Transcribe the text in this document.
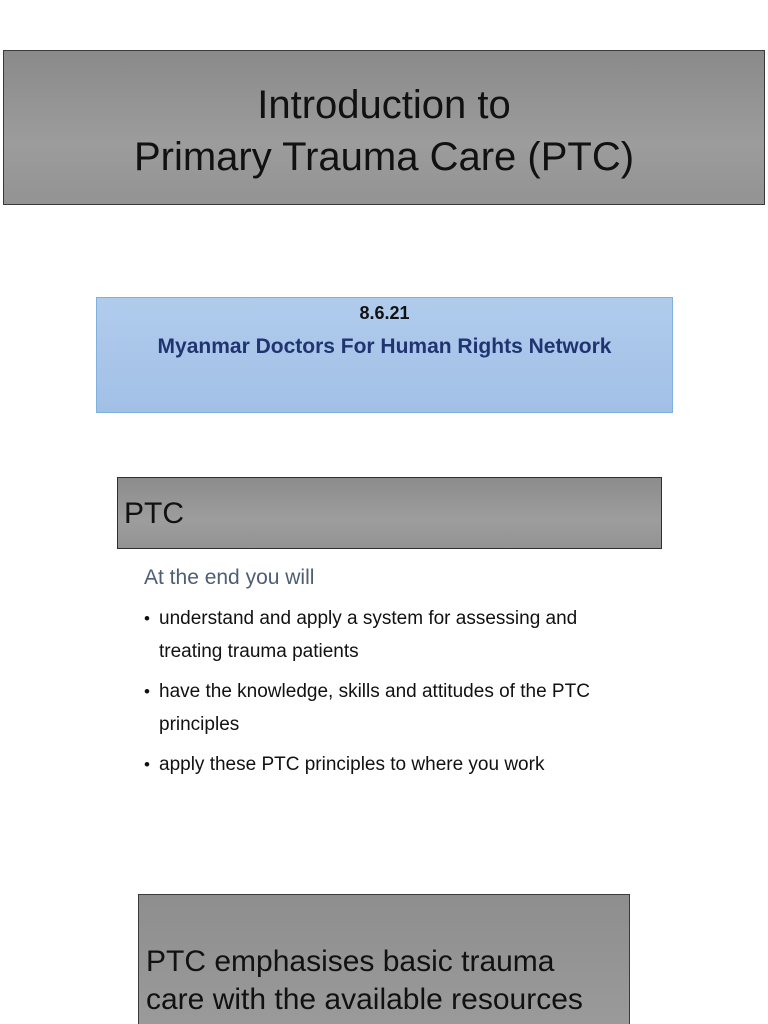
Introduction to
Primary Trauma Care (PTC)
8.6.21
Myanmar Doctors For Human Rights Network
PTC
At the end you will
• understand and apply a system for assessing and treating trauma patients
• have the knowledge, skills and attitudes of the PTC principles
• apply these PTC principles to where you work
PTC emphasises basic trauma
care with the available resources
